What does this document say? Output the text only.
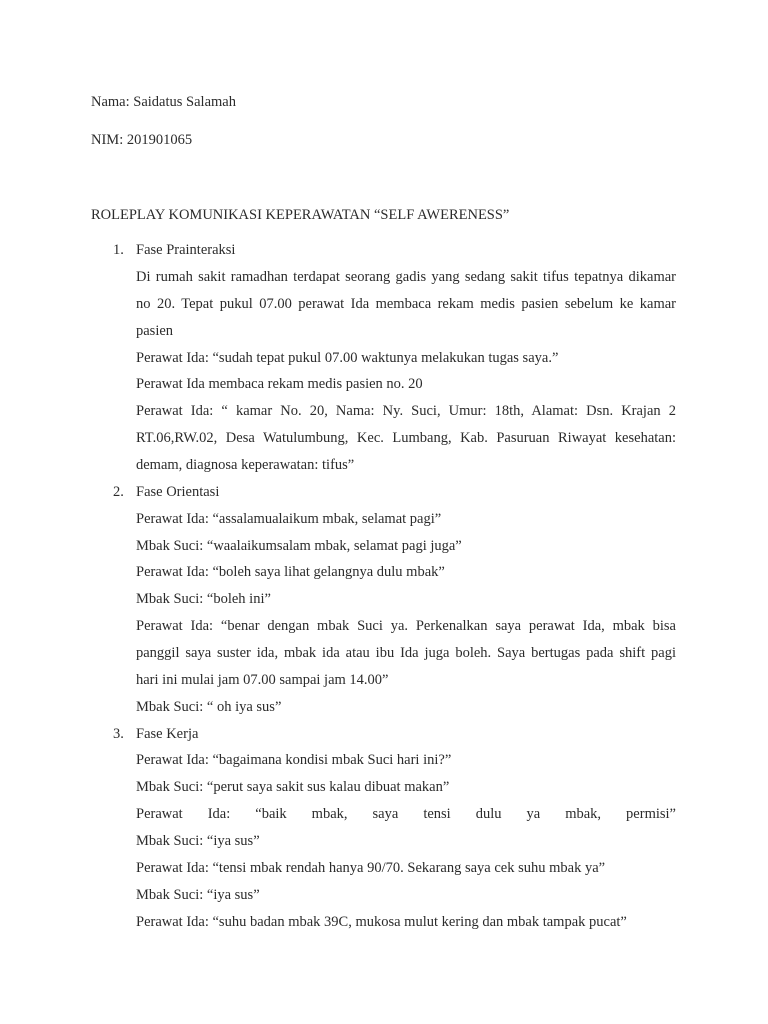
Nama: Saidatus Salamah
NIM: 201901065
ROLEPLAY KOMUNIKASI KEPERAWATAN “SELF AWERENESS”
1. Fase Prainteraksi
Di rumah sakit ramadhan terdapat seorang gadis yang sedang sakit tifus tepatnya dikamar
no 20. Tepat pukul 07.00 perawat Ida membaca rekam medis pasien sebelum ke kamar
pasien
Perawat Ida: “sudah tepat pukul 07.00 waktunya melakukan tugas saya.”
Perawat Ida membaca rekam medis pasien no. 20
Perawat Ida: “ kamar No. 20, Nama: Ny. Suci, Umur: 18th, Alamat: Dsn. Krajan 2
RT.06,RW.02, Desa Watulumbung, Kec. Lumbang, Kab. Pasuruan Riwayat kesehatan:
demam, diagnosa keperawatan: tifus”
2. Fase Orientasi
Perawat Ida: “assalamualaikum mbak, selamat pagi”
Mbak Suci: “waalaikumsalam mbak, selamat pagi juga”
Perawat Ida: “boleh saya lihat gelangnya dulu mbak”
Mbak Suci: “boleh ini”
Perawat Ida: “benar dengan mbak Suci ya. Perkenalkan saya perawat Ida, mbak bisa
panggil saya suster ida, mbak ida atau ibu Ida juga boleh. Saya bertugas pada shift pagi
hari ini mulai jam 07.00 sampai jam 14.00”
Mbak Suci: “ oh iya sus”
3. Fase Kerja
Perawat Ida: “bagaimana kondisi mbak Suci hari ini?”
Mbak Suci: “perut saya sakit sus kalau dibuat makan”
Perawat Ida: “baik mbak, saya tensi dulu ya mbak, permisi”
Mbak Suci: “iya sus”
Perawat Ida: “tensi mbak rendah hanya 90/70. Sekarang saya cek suhu mbak ya”
Mbak Suci: “iya sus”
Perawat Ida: “suhu badan mbak 39C, mukosa mulut kering dan mbak tampak pucat”
